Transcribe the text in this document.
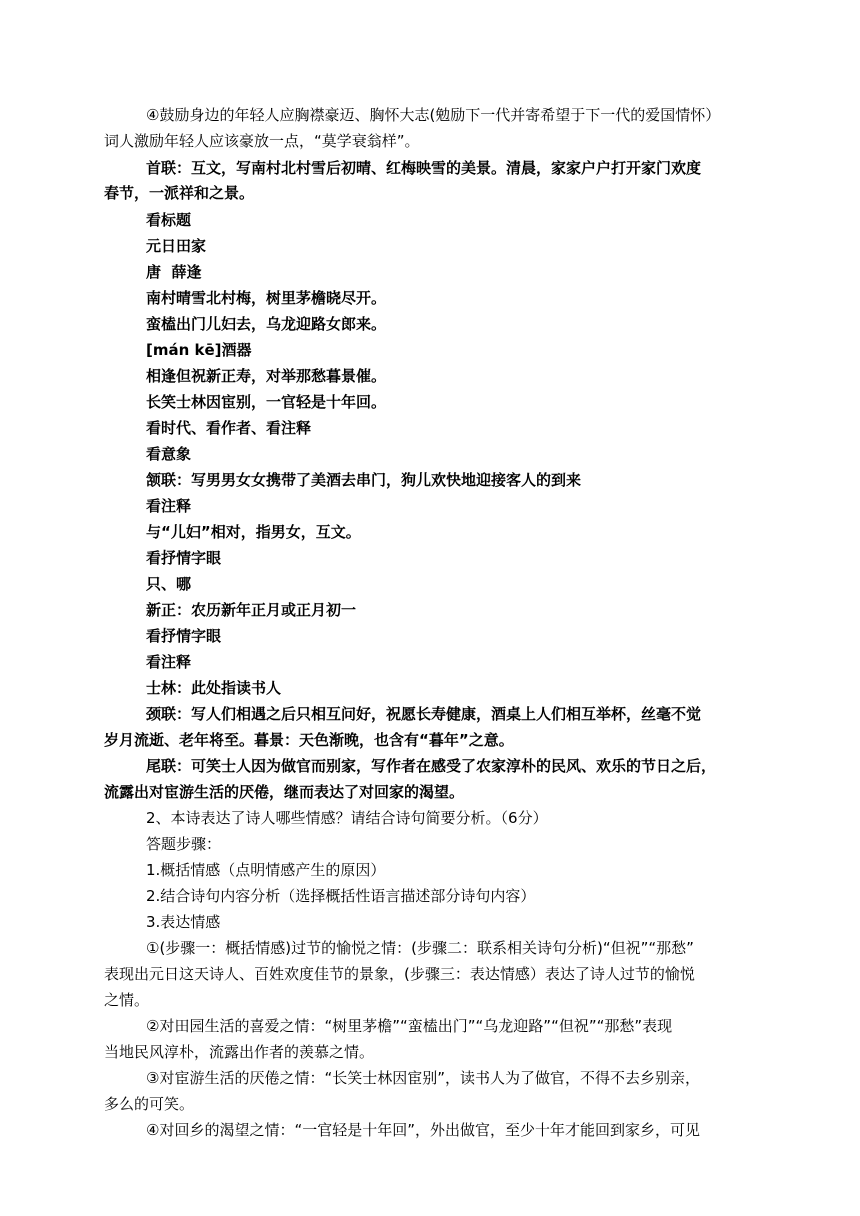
④鼓励身边的年轻人应胸襟豪迈、胸怀大志(勉励下一代并寄希望于下一代的爱国情怀）
词人激励年轻人应该豪放一点，“莫学衰翁样”。
首联：互文，写南村北村雪后初晴、红梅映雪的美景。清晨，家家户户打开家门欢度
春节，一派祥和之景。
看标题
元日田家
唐  薛逢
南村晴雪北村梅，树里茅檐晓尽开。
蛮榼出门儿妇去，乌龙迎路女郎来。
[mán kē]酒器
相逢但祝新正寿，对举那愁暮景催。
长笑士林因宦别，一官轻是十年回。
看时代、看作者、看注释
看意象
颔联：写男男女女携带了美酒去串门，狗儿欢快地迎接客人的到来
看注释
与“儿妇”相对，指男女，互文。
看抒情字眼
只、哪
新正：农历新年正月或正月初一
看抒情字眼
看注释
士林：此处指读书人
颈联：写人们相遇之后只相互问好，祝愿长寿健康，酒桌上人们相互举杯，丝毫不觉
岁月流逝、老年将至。暮景：天色渐晚，也含有“暮年”之意。
尾联：可笑士人因为做官而别家，写作者在感受了农家淳朴的民风、欢乐的节日之后，
流露出对宦游生活的厌倦，继而表达了对回家的渴望。
2、本诗表达了诗人哪些情感？请结合诗句简要分析。（6分）
答题步骤：
1.概括情感（点明情感产生的原因）
2.结合诗句内容分析（选择概括性语言描述部分诗句内容）
3.表达情感
①(步骤一：概括情感)过节的愉悦之情：(步骤二：联系相关诗句分析)“但祝”“那愁”
表现出元日这天诗人、百姓欢度佳节的景象，(步骤三：表达情感）表达了诗人过节的愉悦
之情。
②对田园生活的喜爱之情：“树里茅檐”“蛮榼出门”“乌龙迎路”“但祝”“那愁”表现
当地民风淳朴，流露出作者的羡慕之情。
③对宦游生活的厌倦之情：“长笑士林因宦别”，读书人为了做官，不得不去乡别亲，
多么的可笑。
④对回乡的渴望之情：“一官轻是十年回”，外出做官，至少十年才能回到家乡，可见
